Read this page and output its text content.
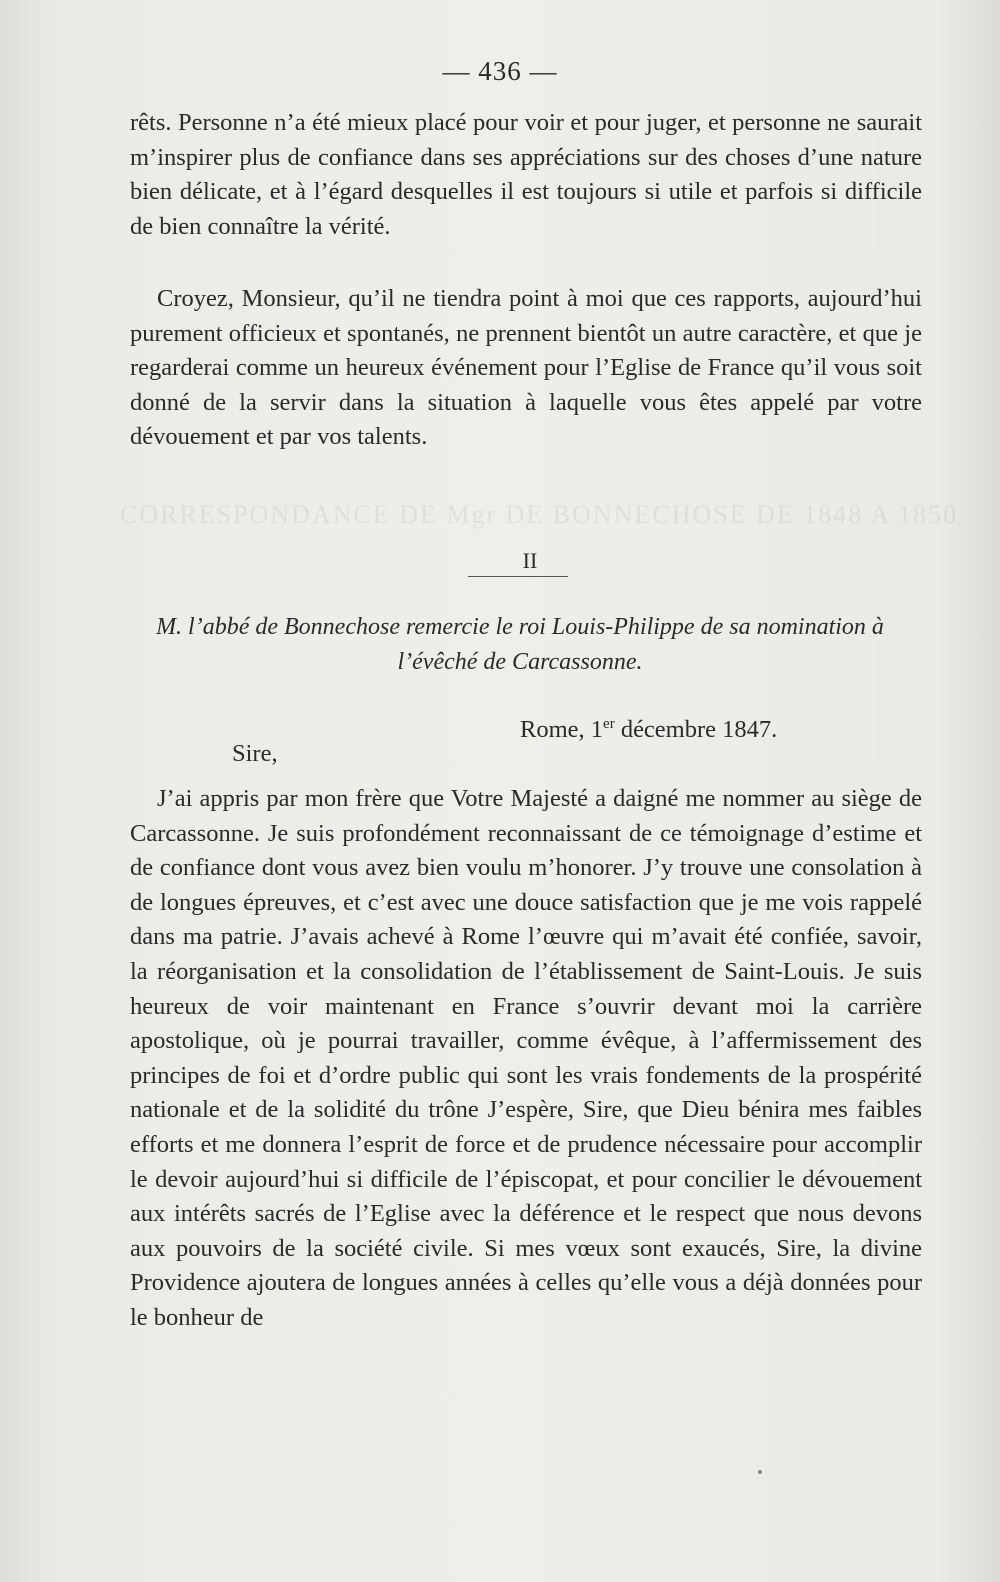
CORRESPONDANCE DE Mgr DE BONNECHOSE DE 1848 A 1850
— 436 —

rêts. Personne n’a été mieux placé pour voir et pour juger, et personne ne saurait m’inspirer plus de confiance dans ses appréciations sur des choses d’une nature bien délicate, et à l’égard desquelles il est toujours si utile et parfois si difficile de bien connaître la vérité.

Croyez, Monsieur, qu’il ne tiendra point à moi que ces rapports, aujourd’hui purement officieux et spontanés, ne prennent bientôt un autre caractère, et que je regarderai comme un heureux événement pour l’Eglise de France qu’il vous soit donné de la servir dans la situation à laquelle vous êtes appelé par votre dévouement et par vos talents.

II

M. l’abbé de Bonnechose remercie le roi Louis-Philippe de sa nomination à l’évêché de Carcassonne.

Rome, 1er décembre 1847.
Sire,

J’ai appris par mon frère que Votre Majesté a daigné me nommer au siège de Carcassonne. Je suis profondément reconnaissant de ce témoignage d’estime et de confiance dont vous avez bien voulu m’honorer. J’y trouve une consolation à de longues épreuves, et c’est avec une douce satisfaction que je me vois rappelé dans ma patrie. J’avais achevé à Rome l’œuvre qui m’avait été confiée, savoir, la réorganisation et la consolidation de l’établissement de Saint-Louis. Je suis heureux de voir maintenant en France s’ouvrir devant moi la carrière apostolique, où je pourrai travailler, comme évêque, à l’affermissement des principes de foi et d’ordre public qui sont les vrais fondements de la prospérité nationale et de la solidité du trône J’espère, Sire, que Dieu bénira mes faibles efforts et me donnera l’esprit de force et de prudence nécessaire pour accomplir le devoir aujourd’hui si difficile de l’épiscopat, et pour concilier le dévouement aux intérêts sacrés de l’Eglise avec la déférence et le respect que nous devons aux pouvoirs de la société civile. Si mes vœux sont exaucés, Sire, la divine Providence ajoutera de longues années à celles qu’elle vous a déjà données pour le bonheur de
